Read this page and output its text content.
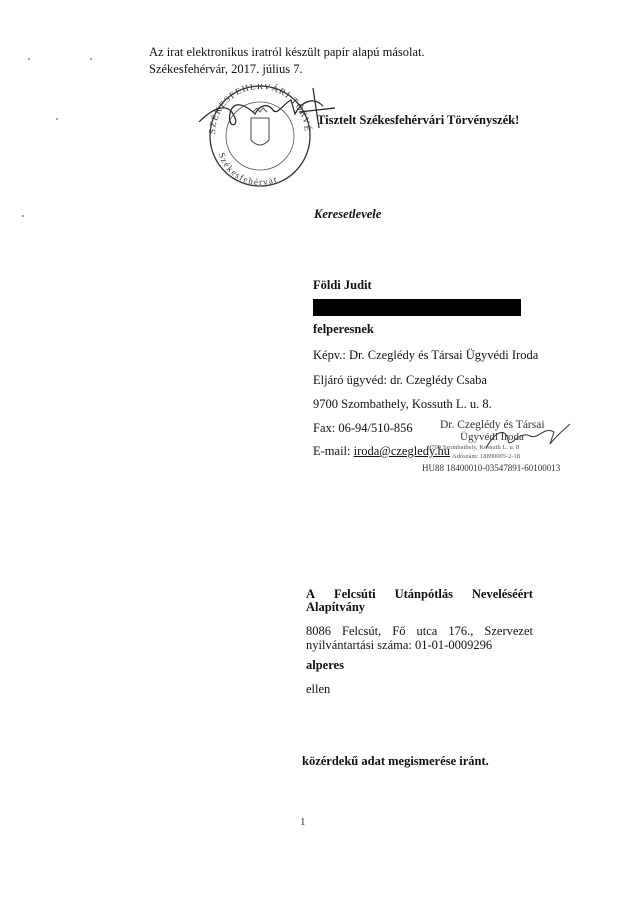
Az irat elektronikus iratról készült papír alapú másolat.
Székesfehérvár, 2017. július 7.
SZÉKESFEHÉRVÁRI TÖRVÉ
Székesfehérvár
Tisztelt Székesfehérvári Törvényszék!
Keresetlevele
Földi Judit
felperesnek
Képv.: Dr. Czeglédy és Társai Ügyvédi Iroda
Eljáró ügyvéd: dr. Czeglédy Csaba
9700 Szombathely, Kossuth L. u. 8.
Fax: 06-94/510-856
E-mail: iroda@czegledy.hu
Dr. Czeglédy és Társai
Ügyvédi Iroda
9700 Szombathely, Kossuth L. u. 8
Adószám: 18890005-2-18
HU88 18400010-03547891-60100013
A Felcsúti Utánpótlás Neveléséért
Alapítvány
8086 Felcsút, Fő utca 176., Szervezet
nyilvántartási száma: 01-01-0009296
alperes
ellen
közérdekű adat megismerése iránt.
1
